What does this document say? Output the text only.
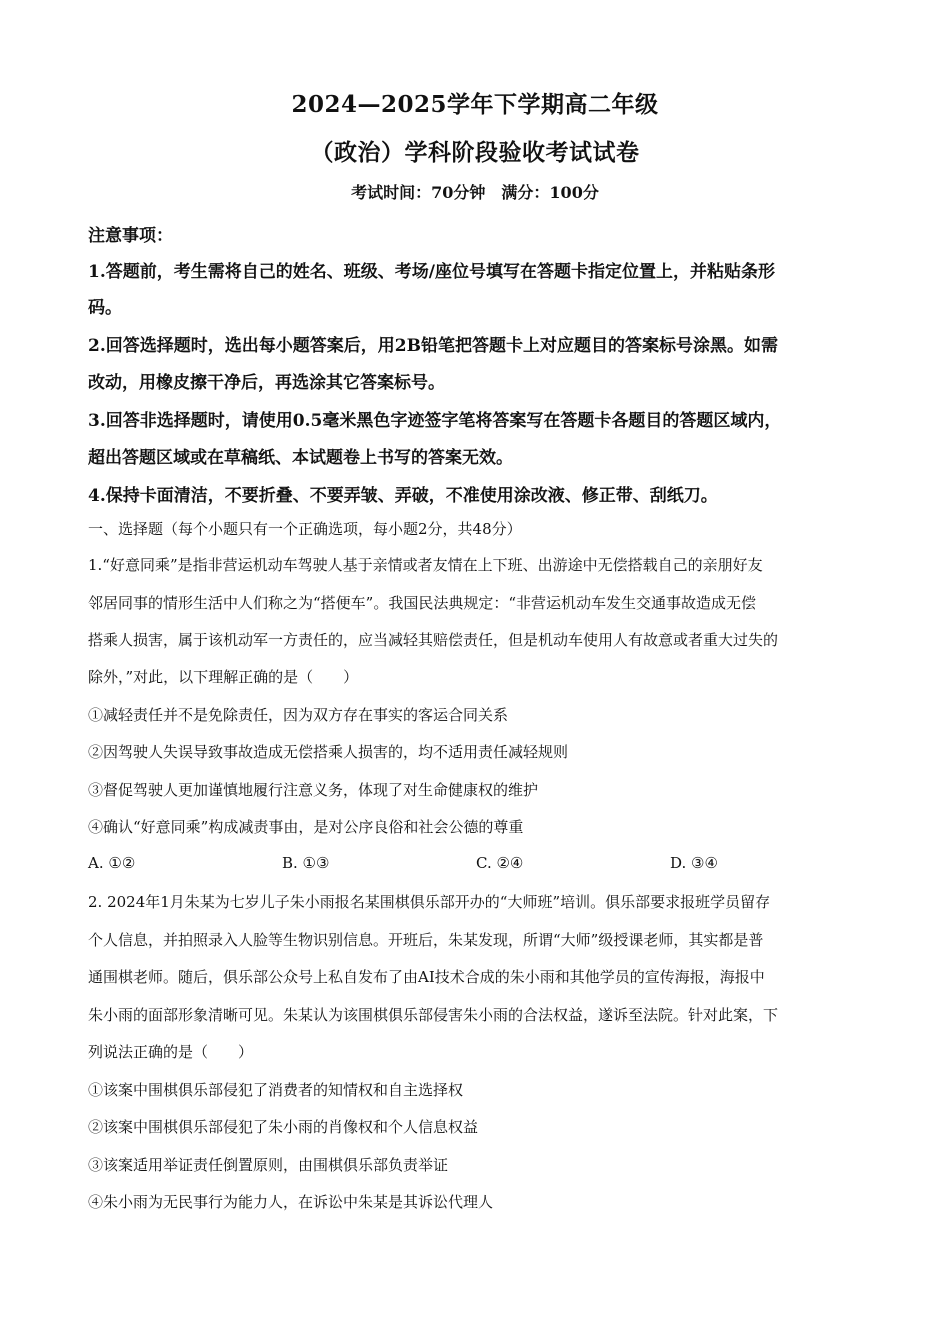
2024—2025学年下学期高二年级
（政治）学科阶段验收考试试卷
考试时间：70分钟　满分：100分
注意事项：
1.答题前，考生需将自己的姓名、班级、考场/座位号填写在答题卡指定位置上，并粘贴条形
码。
2.回答选择题时，选出每小题答案后，用2B铅笔把答题卡上对应题目的答案标号涂黑。如需
改动，用橡皮擦干净后，再选涂其它答案标号。
3.回答非选择题时，请使用0.5毫米黑色字迹签字笔将答案写在答题卡各题目的答题区域内，
超出答题区域或在草稿纸、本试题卷上书写的答案无效。
4.保持卡面清洁，不要折叠、不要弄皱、弄破，不准使用涂改液、修正带、刮纸刀。
一、选择题（每个小题只有一个正确选项，每小题2分，共48分）
1.“好意同乘”是指非营运机动车驾驶人基于亲情或者友情在上下班、出游途中无偿搭载自己的亲朋好友
邻居同事的情形生活中人们称之为“搭便车”。我国民法典规定：“非营运机动车发生交通事故造成无偿
搭乘人损害，属于该机动军一方责任的，应当减轻其赔偿责任，但是机动车使用人有故意或者重大过失的
除外，”对此，以下理解正确的是（　　）
①减轻责任并不是免除责任，因为双方存在事实的客运合同关系
②因驾驶人失误导致事故造成无偿搭乘人损害的，均不适用责任减轻规则
③督促驾驶人更加谨慎地履行注意义务，体现了对生命健康权的维护
④确认“好意同乘”构成减责事由，是对公序良俗和社会公德的尊重
A. ①②	B. ①③	C. ②④	D. ③④
2. 2024年1月朱某为七岁儿子朱小雨报名某围棋俱乐部开办的“大师班”培训。俱乐部要求报班学员留存
个人信息，并拍照录入人脸等生物识别信息。开班后，朱某发现，所谓“大师”级授课老师，其实都是普
通围棋老师。随后，俱乐部公众号上私自发布了由AI技术合成的朱小雨和其他学员的宣传海报，海报中
朱小雨的面部形象清晰可见。朱某认为该围棋俱乐部侵害朱小雨的合法权益，遂诉至法院。针对此案，下
列说法正确的是（　　）
①该案中围棋俱乐部侵犯了消费者的知情权和自主选择权
②该案中围棋俱乐部侵犯了朱小雨的肖像权和个人信息权益
③该案适用举证责任倒置原则，由围棋俱乐部负责举证
④朱小雨为无民事行为能力人，在诉讼中朱某是其诉讼代理人
